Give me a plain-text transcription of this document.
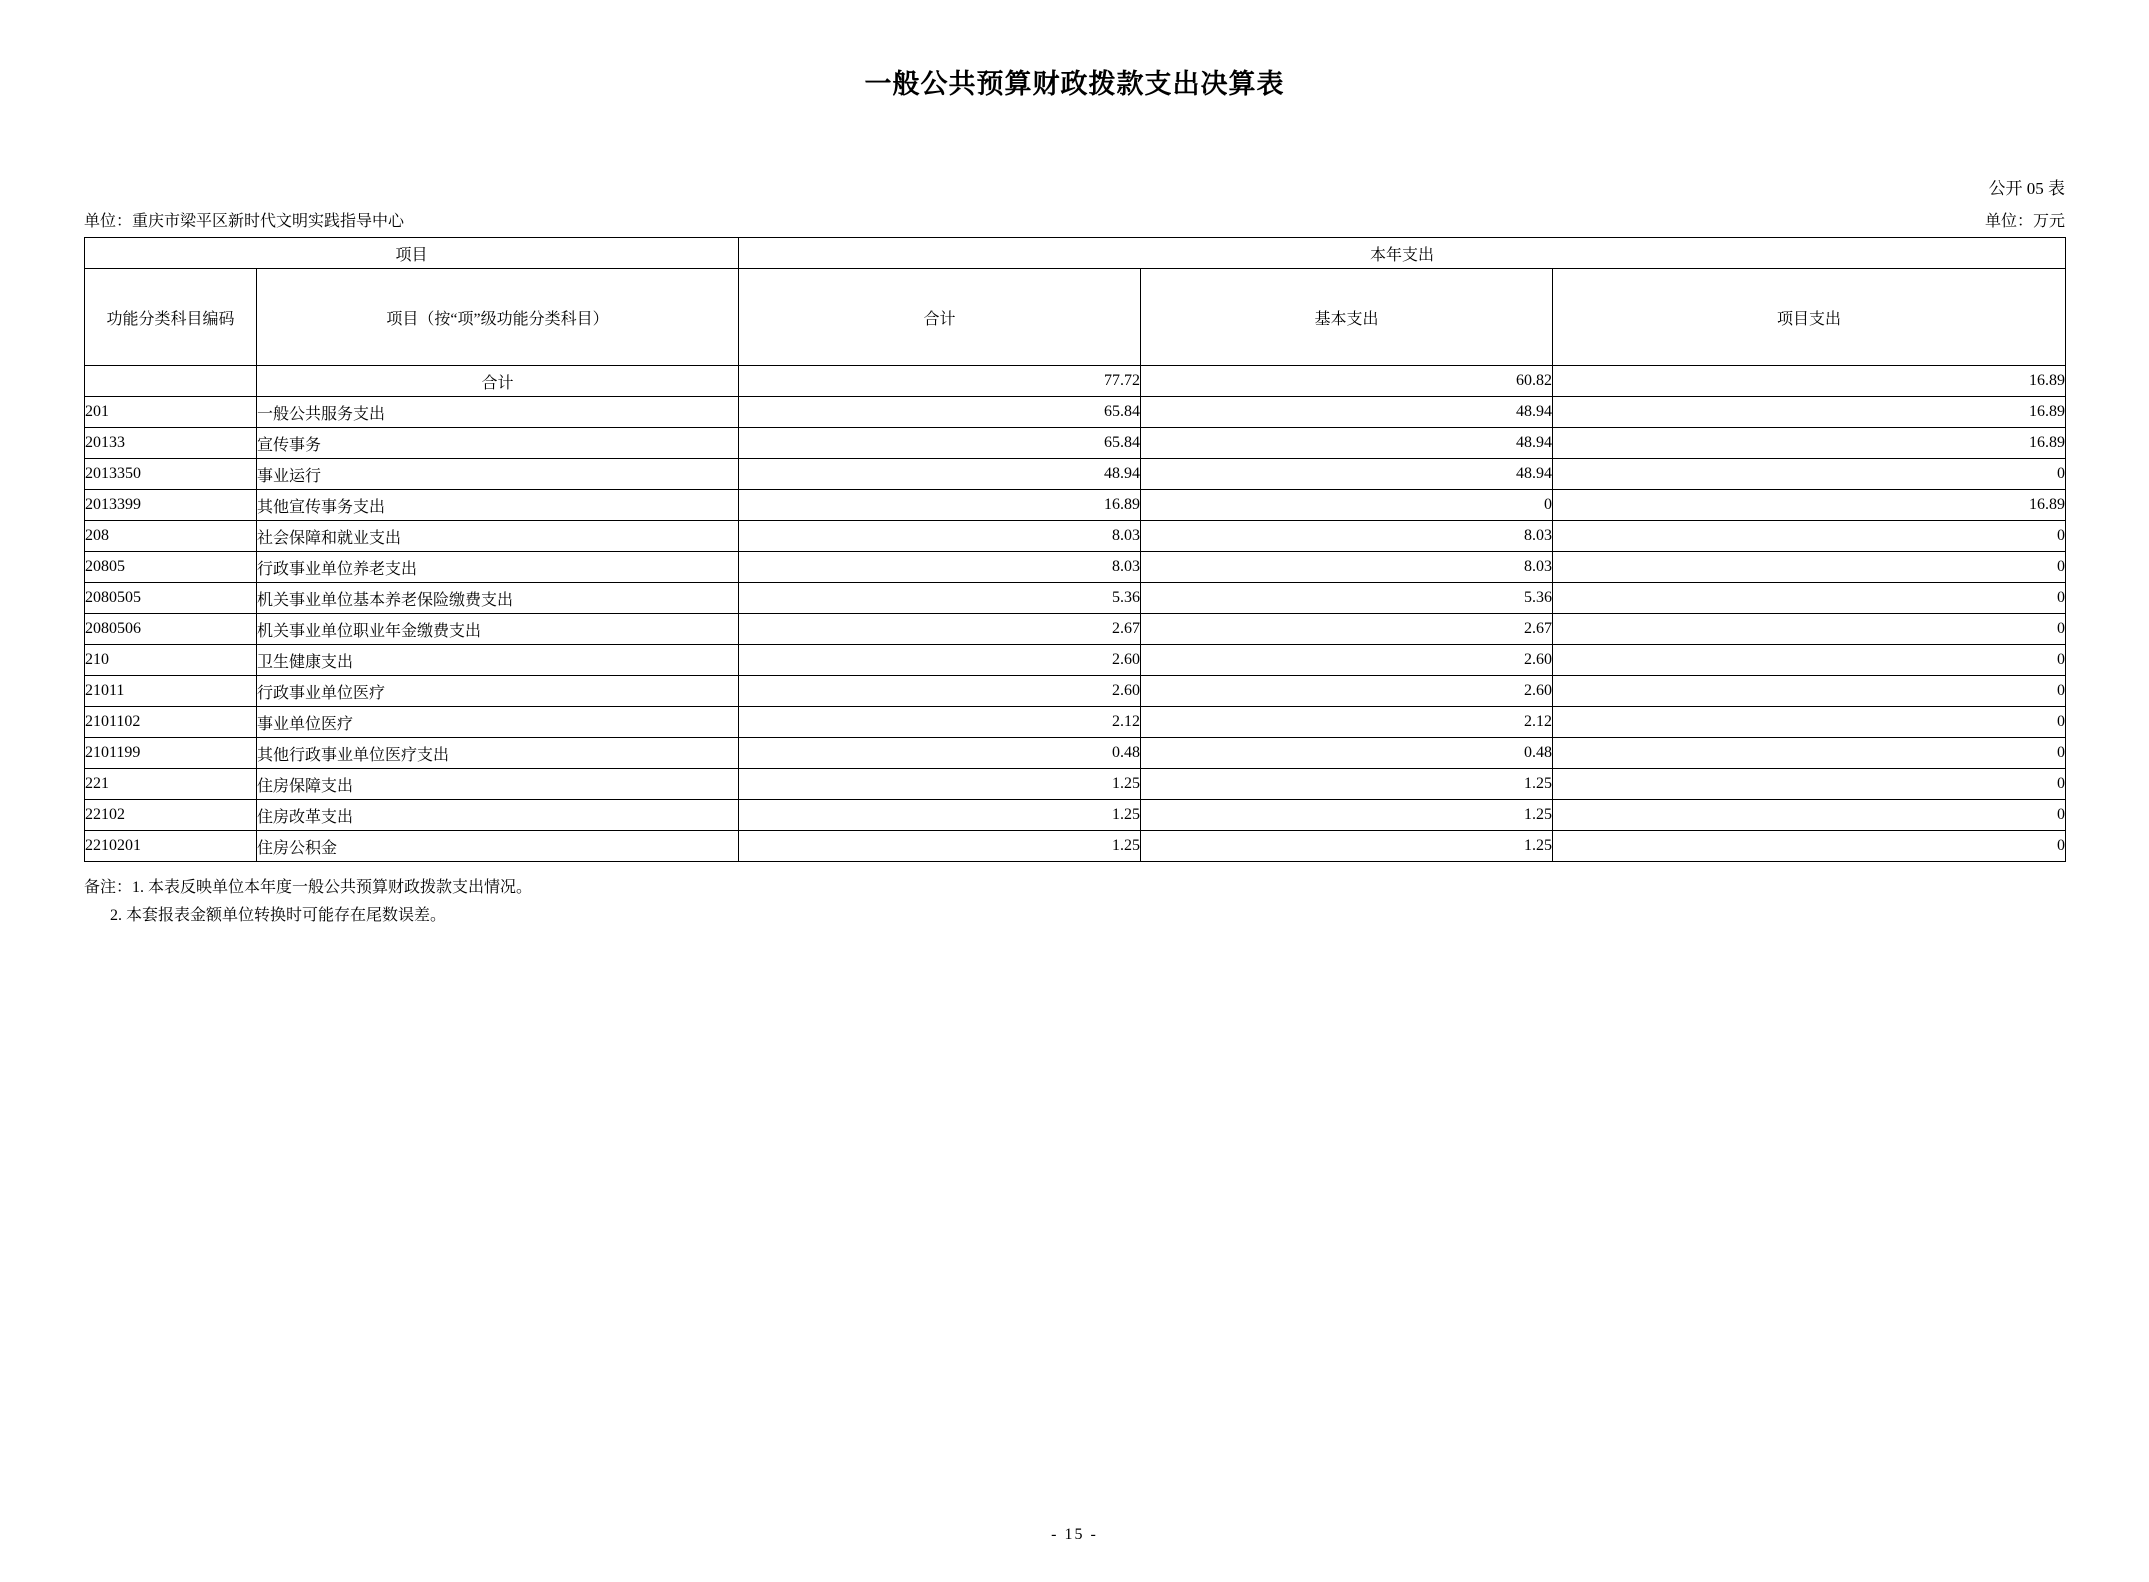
一般公共预算财政拨款支出决算表
公开 05 表
单位：重庆市梁平区新时代文明实践指导中心	单位：万元
项目		本年支出		
功能分类科目编码	项目（按“项”级功能分类科目）	合计	基本支出	项目支出
	合计	77.72	60.82	16.89
201	一般公共服务支出	65.84	48.94	16.89
20133	宣传事务	65.84	48.94	16.89
2013350	事业运行	48.94	48.94	0
2013399	其他宣传事务支出	16.89	0	16.89
208	社会保障和就业支出	8.03	8.03	0
20805	行政事业单位养老支出	8.03	8.03	0
2080505	机关事业单位基本养老保险缴费支出	5.36	5.36	0
2080506	机关事业单位职业年金缴费支出	2.67	2.67	0
210	卫生健康支出	2.60	2.60	0
21011	行政事业单位医疗	2.60	2.60	0
2101102	事业单位医疗	2.12	2.12	0
2101199	其他行政事业单位医疗支出	0.48	0.48	0
221	住房保障支出	1.25	1.25	0
22102	住房改革支出	1.25	1.25	0
2210201	住房公积金	1.25	1.25	0
备注：1. 本表反映单位本年度一般公共预算财政拨款支出情况。
2. 本套报表金额单位转换时可能存在尾数误差。
- 15 -
